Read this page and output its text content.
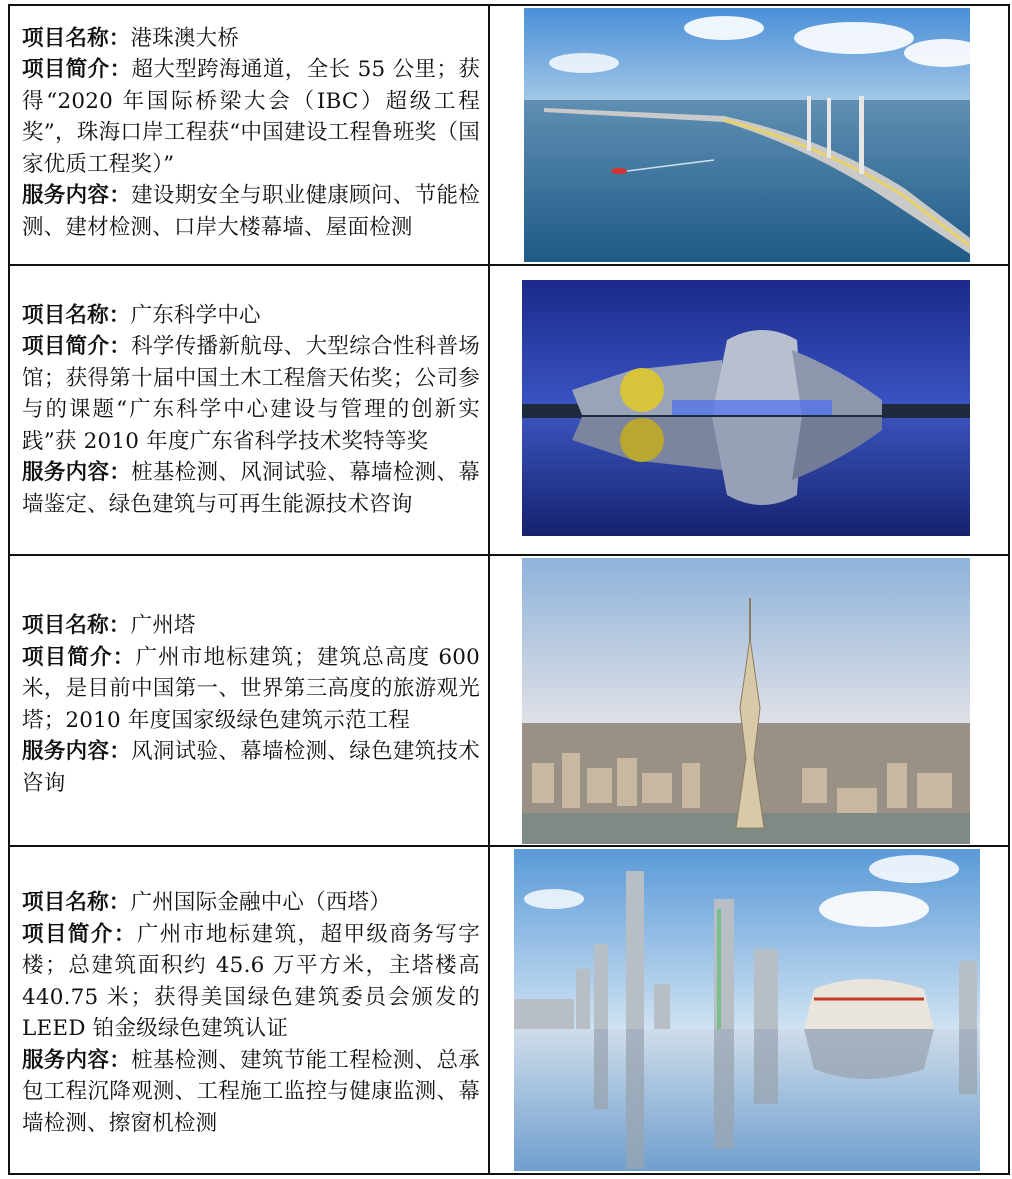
项目名称：港珠澳大桥

项目简介：超大型跨海通道，全长 55 公里；获得“2020 年国际桥梁大会（IBC）超级工程奖”，珠海口岸工程获“中国建设工程鲁班奖（国家优质工程奖）”

服务内容：建设期安全与职业健康顾问、节能检测、建材检测、口岸大楼幕墙、屋面检测

项目名称：广东科学中心

项目简介：科学传播新航母、大型综合性科普场馆；获得第十届中国土木工程詹天佑奖；公司参与的课题“广东科学中心建设与管理的创新实践”获 2010 年度广东省科学技术奖特等奖

服务内容：桩基检测、风洞试验、幕墙检测、幕墙鉴定、绿色建筑与可再生能源技术咨询

项目名称：广州塔

项目简介：广州市地标建筑；建筑总高度 600 米，是目前中国第一、世界第三高度的旅游观光塔；2010 年度国家级绿色建筑示范工程

服务内容：风洞试验、幕墙检测、绿色建筑技术咨询

项目名称：广州国际金融中心（西塔）

项目简介：广州市地标建筑，超甲级商务写字楼；总建筑面积约 45.6 万平方米，主塔楼高 440.75 米；获得美国绿色建筑委员会颁发的 LEED 铂金级绿色建筑认证

服务内容：桩基检测、建筑节能工程检测、总承包工程沉降观测、工程施工监控与健康监测、幕墙检测、擦窗机检测
